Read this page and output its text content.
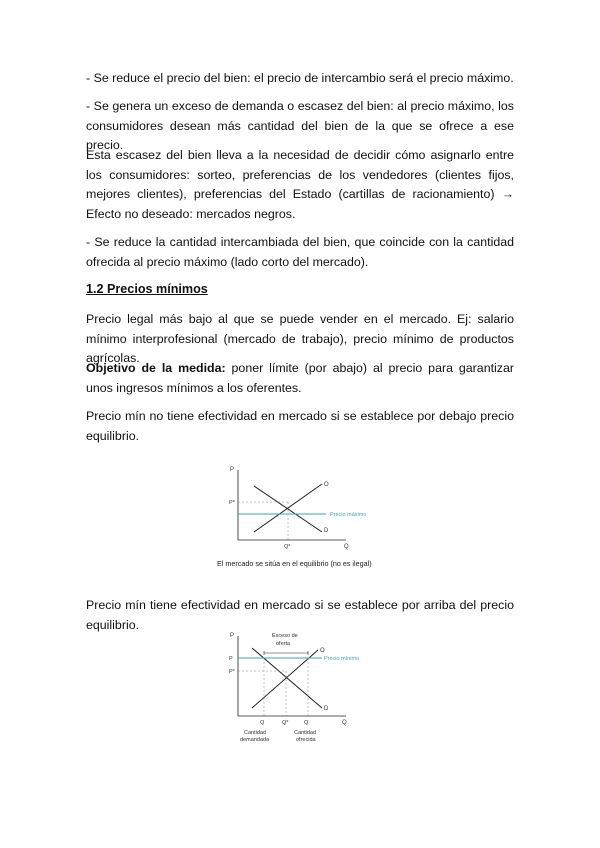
- Se reduce el precio del bien: el precio de intercambio será el precio máximo.

- Se genera un exceso de demanda o escasez del bien: al precio máximo, los consumidores desean más cantidad del bien de la que se ofrece a ese precio.

Esta escasez del bien lleva a la necesidad de decidir cómo asignarlo entre los consumidores: sorteo, preferencias de los vendedores (clientes fijos, mejores clientes), preferencias del Estado (cartillas de racionamiento) → Efecto no deseado: mercados negros.

- Se reduce la cantidad intercambiada del bien, que coincide con la cantidad ofrecida al precio máximo (lado corto del mercado).

1.2 Precios mínimos

Precio legal más bajo al que se puede vender en el mercado. Ej: salario mínimo interprofesional (mercado de trabajo), precio mínimo de productos agrícolas.

Objetivo de la medida: poner límite (por abajo) al precio para garantizar unos ingresos mínimos a los oferentes.

Precio mín no tiene efectividad en mercado si se establece por debajo precio equilibrio.

P
Q
O
D
P*
Q*
Precio máximo
El mercado se sitúa en el equilibrio (no es ilegal)

Precio mín tiene efectividad en mercado si se establece por arriba del precio equilibrio.

Exceso de
oferta
P
Q
O
D
P
P*
Q	Q*	Q
Precio mínimo
Cantidad
demandada
Cantidad
ofrecida
